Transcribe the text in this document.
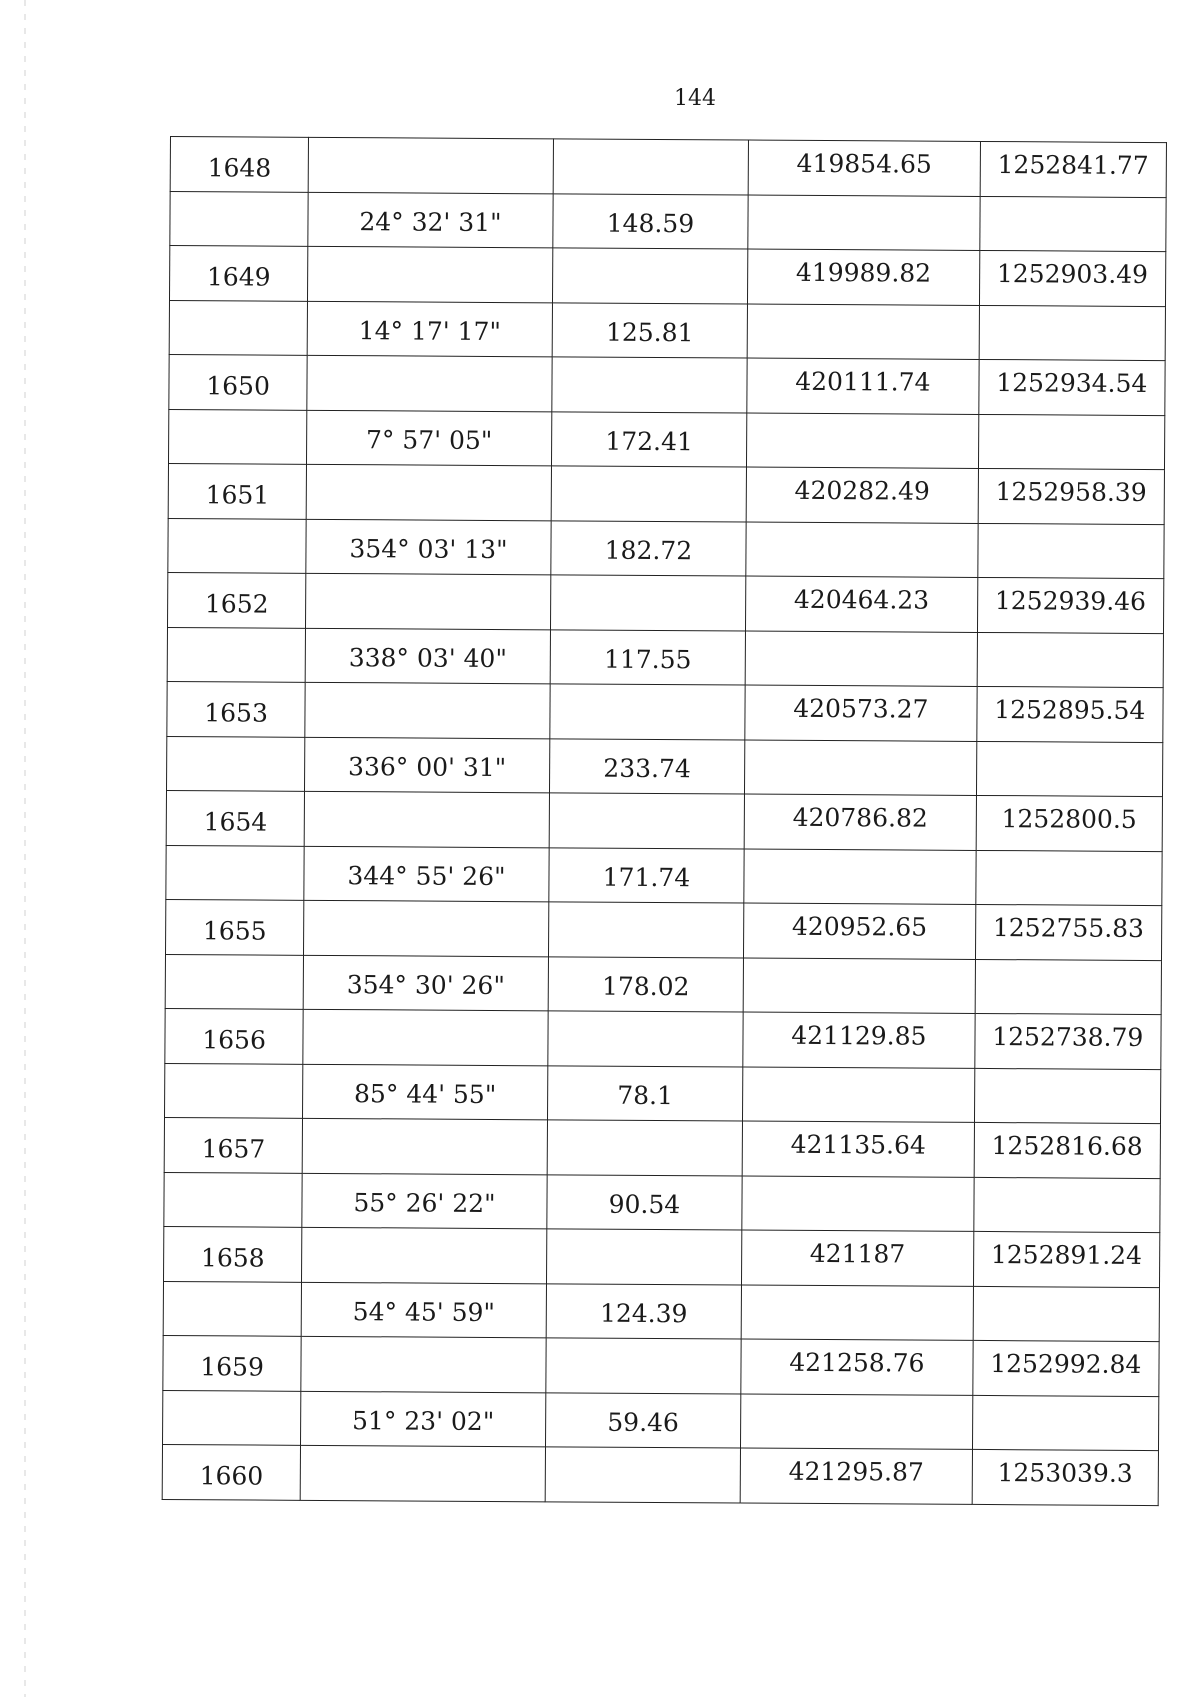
144
1648			419854.65	1252841.77
	24° 32' 31"	148.59		
1649			419989.82	1252903.49
	14° 17' 17"	125.81		
1650			420111.74	1252934.54
	7° 57' 05"	172.41		
1651			420282.49	1252958.39
	354° 03' 13"	182.72		
1652			420464.23	1252939.46
	338° 03' 40"	117.55		
1653			420573.27	1252895.54
	336° 00' 31"	233.74		
1654			420786.82	1252800.5
	344° 55' 26"	171.74		
1655			420952.65	1252755.83
	354° 30' 26"	178.02		
1656			421129.85	1252738.79
	85° 44' 55"	78.1		
1657			421135.64	1252816.68
	55° 26' 22"	90.54		
1658			421187	1252891.24
	54° 45' 59"	124.39		
1659			421258.76	1252992.84
	51° 23' 02"	59.46		
1660			421295.87	1253039.3
